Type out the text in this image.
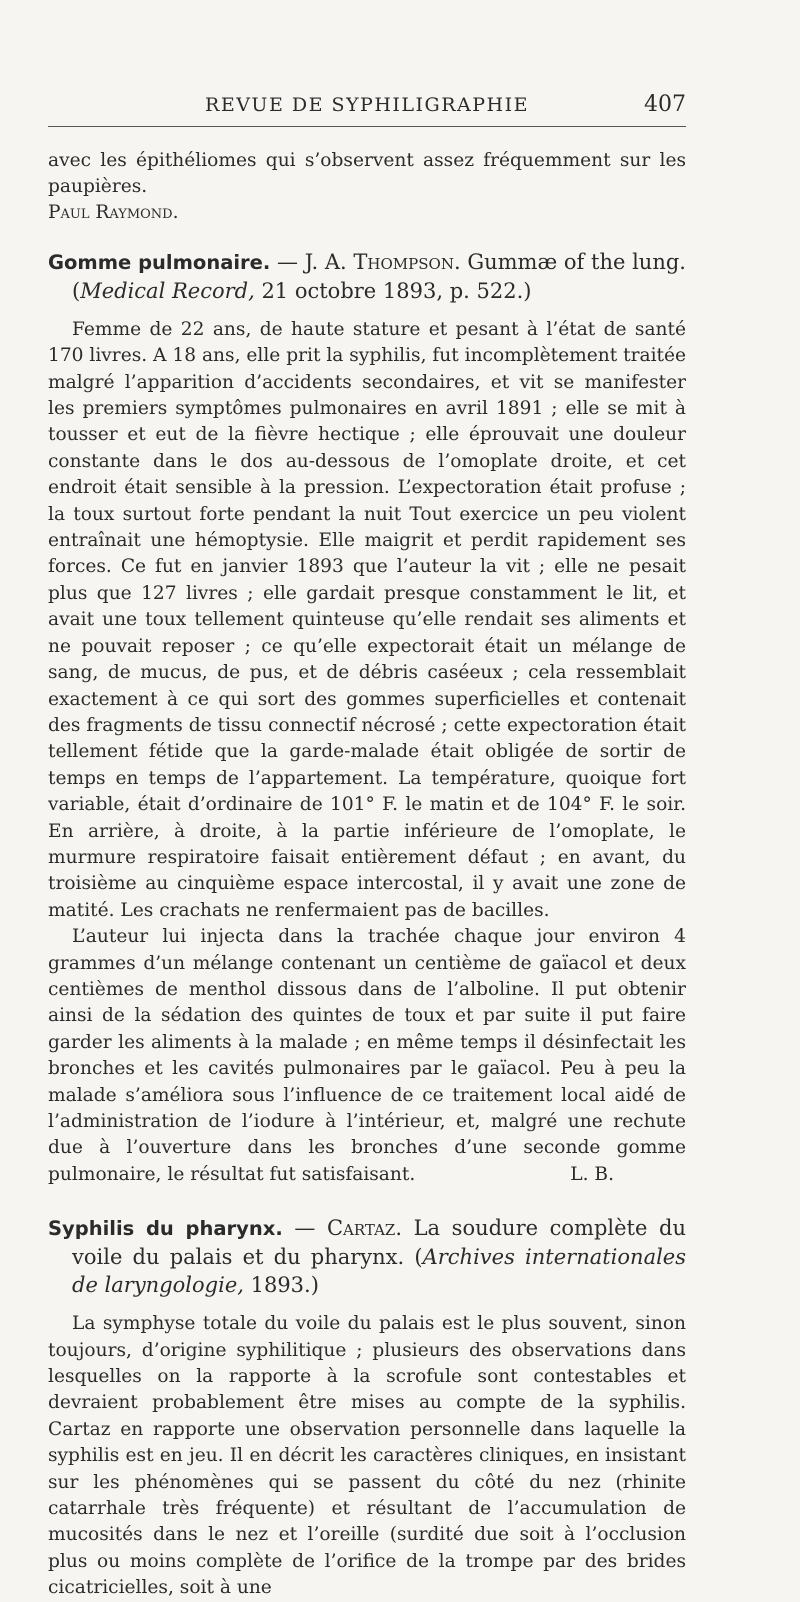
REVUE DE SYPHILIGRAPHIE	407

avec les épithéliomes qui s’observent assez fréquemment sur les paupières.

Paul Raymond.

Gomme pulmonaire. — J. A. Thompson. Gummæ of the lung. (Medical Record, 21 octobre 1893, p. 522.)

Femme de 22 ans, de haute stature et pesant à l’état de santé 170 livres. A 18 ans, elle prit la syphilis, fut incomplètement traitée malgré l’apparition d’accidents secondaires, et vit se manifester les premiers symptômes pulmonaires en avril 1891 ; elle se mit à tousser et eut de la fièvre hectique ; elle éprouvait une douleur constante dans le dos au-dessous de l’omoplate droite, et cet endroit était sensible à la pression. L’expectoration était profuse ; la toux surtout forte pendant la nuit Tout exercice un peu violent entraînait une hémoptysie. Elle maigrit et perdit rapidement ses forces. Ce fut en janvier 1893 que l’auteur la vit ; elle ne pesait plus que 127 livres ; elle gardait presque constamment le lit, et avait une toux tellement quinteuse qu’elle rendait ses aliments et ne pouvait reposer ; ce qu’elle expectorait était un mélange de sang, de mucus, de pus, et de débris caséeux ; cela ressemblait exactement à ce qui sort des gommes superficielles et contenait des fragments de tissu connectif nécrosé ; cette expectoration était tellement fétide que la garde-malade était obligée de sortir de temps en temps de l’appartement. La température, quoique fort variable, était d’ordinaire de 101° F. le matin et de 104° F. le soir. En arrière, à droite, à la partie inférieure de l’omoplate, le murmure respiratoire faisait entièrement défaut ; en avant, du troisième au cinquième espace intercostal, il y avait une zone de matité. Les crachats ne renfermaient pas de bacilles.

L’auteur lui injecta dans la trachée chaque jour environ 4 grammes d’un mélange contenant un centième de gaïacol et deux centièmes de menthol dissous dans de l’alboline. Il put obtenir ainsi de la sédation des quintes de toux et par suite il put faire garder les aliments à la malade ; en même temps il désinfectait les bronches et les cavités pulmonaires par le gaïacol. Peu à peu la malade s’améliora sous l’influence de ce traitement local aidé de l’administration de l’iodure à l’intérieur, et, malgré une rechute due à l’ouverture dans les bronches d’une seconde gomme pulmonaire, le résultat fut satisfaisant.	L. B.

Syphilis du pharynx. — Cartaz. La soudure complète du voile du palais et du pharynx. (Archives internationales de laryngologie, 1893.)

La symphyse totale du voile du palais est le plus souvent, sinon toujours, d’origine syphilitique ; plusieurs des observations dans lesquelles on la rapporte à la scrofule sont contestables et devraient probablement être mises au compte de la syphilis. Cartaz en rapporte une observation personnelle dans laquelle la syphilis est en jeu. Il en décrit les caractères cliniques, en insistant sur les phénomènes qui se passent du côté du nez (rhinite catarrhale très fréquente) et résultant de l’accumulation de mucosités dans le nez et l’oreille (surdité due soit à l’occlusion plus ou moins complète de l’orifice de la trompe par des brides cicatricielles, soit à une
